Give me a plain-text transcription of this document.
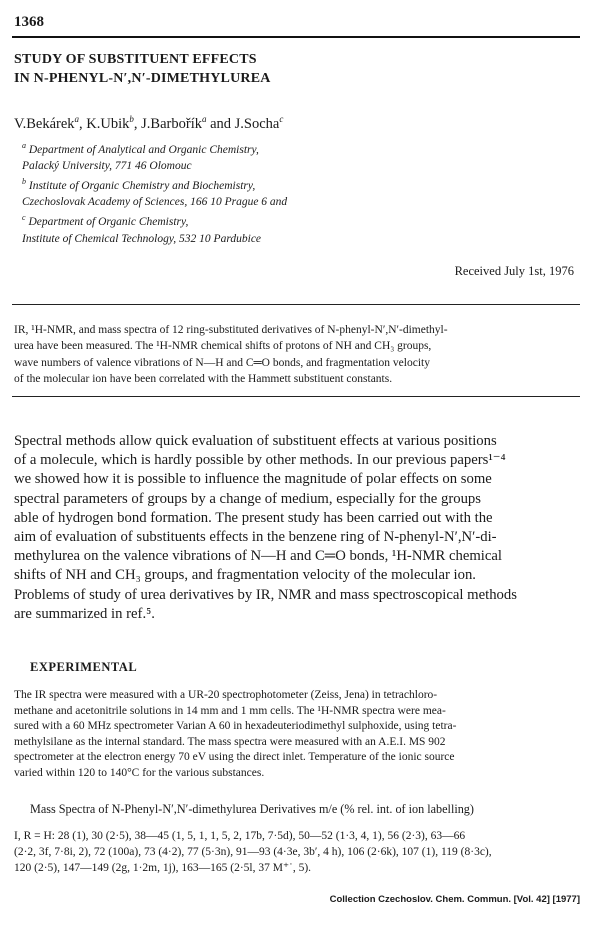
1368
STUDY OF SUBSTITUENT EFFECTS
IN N-PHENYL-N′,N′-DIMETHYLUREA
V.Bekárek$^a$, K.Ubik$^b$, J.Barbořík$^a$ and J.Socha$^c$
$^a$ Department of Analytical and Organic Chemistry,
Palacký University, 771 46 Olomouc
$^b$ Institute of Organic Chemistry and Biochemistry,
Czechoslovak Academy of Sciences, 166 10 Prague 6 and
$^c$ Department of Organic Chemistry,
Institute of Chemical Technology, 532 10 Pardubice
Received July 1st, 1976
IR, ¹H-NMR, and mass spectra of 12 ring-substituted derivatives of N-phenyl-N′,N′-dimethyl-
urea have been measured. The ¹H-NMR chemical shifts of protons of NH and CH₃ groups,
wave numbers of valence vibrations of N—H and C═O bonds, and fragmentation velocity
of the molecular ion have been correlated with the Hammett substituent constants.
Spectral methods allow quick evaluation of substituent effects at various positions
of a molecule, which is hardly possible by other methods. In our previous papers¹⁻⁴
we showed how it is possible to influence the magnitude of polar effects on some
spectral parameters of groups by a change of medium, especially for the groups
able of hydrogen bond formation. The present study has been carried out with the
aim of evaluation of substituents effects in the benzene ring of N-phenyl-N′,N′-di-
methylurea on the valence vibrations of N—H and C═O bonds, ¹H-NMR chemical
shifts of NH and CH₃ groups, and fragmentation velocity of the molecular ion.
Problems of study of urea derivatives by IR, NMR and mass spectroscopical methods
are summarized in ref.⁵.
EXPERIMENTAL
The IR spectra were measured with a UR-20 spectrophotometer (Zeiss, Jena) in tetrachloro-
methane and acetonitrile solutions in 14 mm and 1 mm cells. The ¹H-NMR spectra were mea-
sured with a 60 MHz spectrometer Varian A 60 in hexadeuteriodimethyl sulphoxide, using tetra-
methylsilane as the internal standard. The mass spectra were measured with an A.E.I. MS 902
spectrometer at the electron energy 70 eV using the direct inlet. Temperature of the ionic source
varied within 120 to 140°C for the various substances.
Mass Spectra of N-Phenyl-N′,N′-dimethylurea Derivatives m/e (% rel. int. of ion labelling)
I, R = H: 28 (1), 30 (2·5), 38—45 (1, 5, 1, 1, 5, 2, 17b, 7·5d), 50—52 (1·3, 4, 1), 56 (2·3), 63—66
(2·2, 3f, 7·8i, 2), 72 (100a), 73 (4·2), 77 (5·3n), 91—93 (4·3e, 3b′, 4 h), 106 (2·6k), 107 (1), 119 (8·3c),
120 (2·5), 147—149 (2g, 1·2m, 1j), 163—165 (2·5l, 37 M⁺˙, 5).
Collection Czechoslov. Chem. Commun. [Vol. 42] [1977]
